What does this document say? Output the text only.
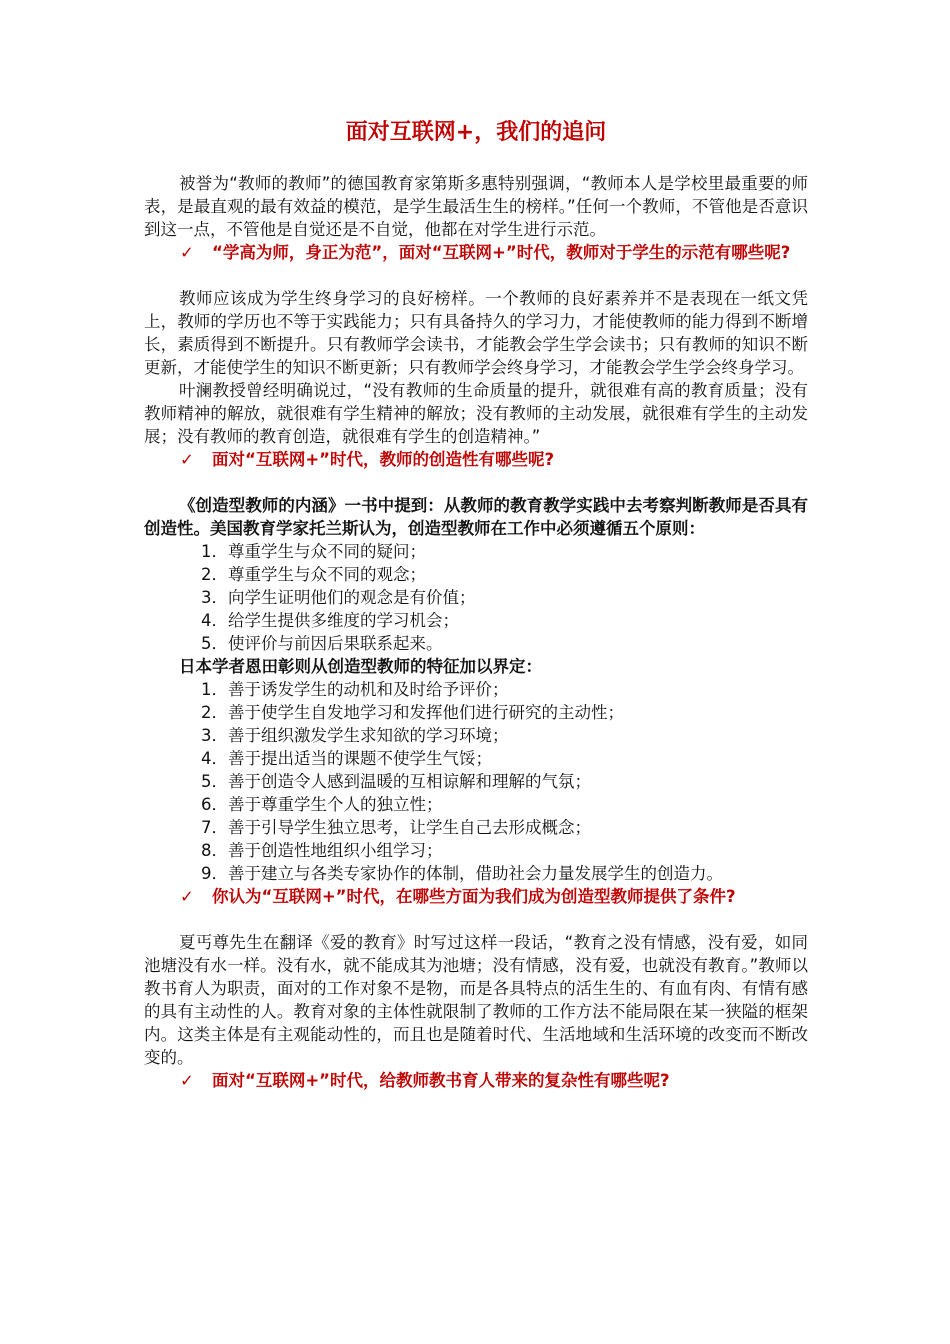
面对互联网+，我们的追问

被誉为“教师的教师”的德国教育家第斯多惠特别强调，“教师本人是学校里最重要的师表，是最直观的最有效益的模范，是学生最活生生的榜样。”任何一个教师，不管他是否意识到这一点，不管他是自觉还是不自觉，他都在对学生进行示范。

✓	“学高为师，身正为范”，面对“互联网+”时代，教师对于学生的示范有哪些呢?

教师应该成为学生终身学习的良好榜样。一个教师的良好素养并不是表现在一纸文凭上，教师的学历也不等于实践能力；只有具备持久的学习力，才能使教师的能力得到不断增长，素质得到不断提升。只有教师学会读书，才能教会学生学会读书；只有教师的知识不断更新，才能使学生的知识不断更新；只有教师学会终身学习，才能教会学生学会终身学习。

叶澜教授曾经明确说过，“没有教师的生命质量的提升，就很难有高的教育质量；没有教师精神的解放，就很难有学生精神的解放；没有教师的主动发展，就很难有学生的主动发展；没有教师的教育创造，就很难有学生的创造精神。”

✓	面对“互联网+”时代，教师的创造性有哪些呢?

《创造型教师的内涵》一书中提到：从教师的教育教学实践中去考察判断教师是否具有创造性。美国教育学家托兰斯认为，创造型教师在工作中必须遵循五个原则：

1．尊重学生与众不同的疑问；
2．尊重学生与众不同的观念；
3．向学生证明他们的观念是有价值；
4．给学生提供多维度的学习机会；
5．使评价与前因后果联系起来。

日本学者恩田彰则从创造型教师的特征加以界定：

1．善于诱发学生的动机和及时给予评价；
2．善于使学生自发地学习和发挥他们进行研究的主动性；
3．善于组织激发学生求知欲的学习环境；
4．善于提出适当的课题不使学生气馁；
5．善于创造令人感到温暖的互相谅解和理解的气氛；
6．善于尊重学生个人的独立性；
7．善于引导学生独立思考，让学生自己去形成概念；
8．善于创造性地组织小组学习；
9．善于建立与各类专家协作的体制，借助社会力量发展学生的创造力。
✓	你认为“互联网+”时代，在哪些方面为我们成为创造型教师提供了条件?

夏丐尊先生在翻译《爱的教育》时写过这样一段话，“教育之没有情感，没有爱，如同池塘没有水一样。没有水，就不能成其为池塘；没有情感，没有爱，也就没有教育。”教师以教书育人为职责，面对的工作对象不是物，而是各具特点的活生生的、有血有肉、有情有感的具有主动性的人。教育对象的主体性就限制了教师的工作方法不能局限在某一狭隘的框架内。这类主体是有主观能动性的，而且也是随着时代、生活地域和生活环境的改变而不断改变的。

✓	面对“互联网+”时代，给教师教书育人带来的复杂性有哪些呢?
